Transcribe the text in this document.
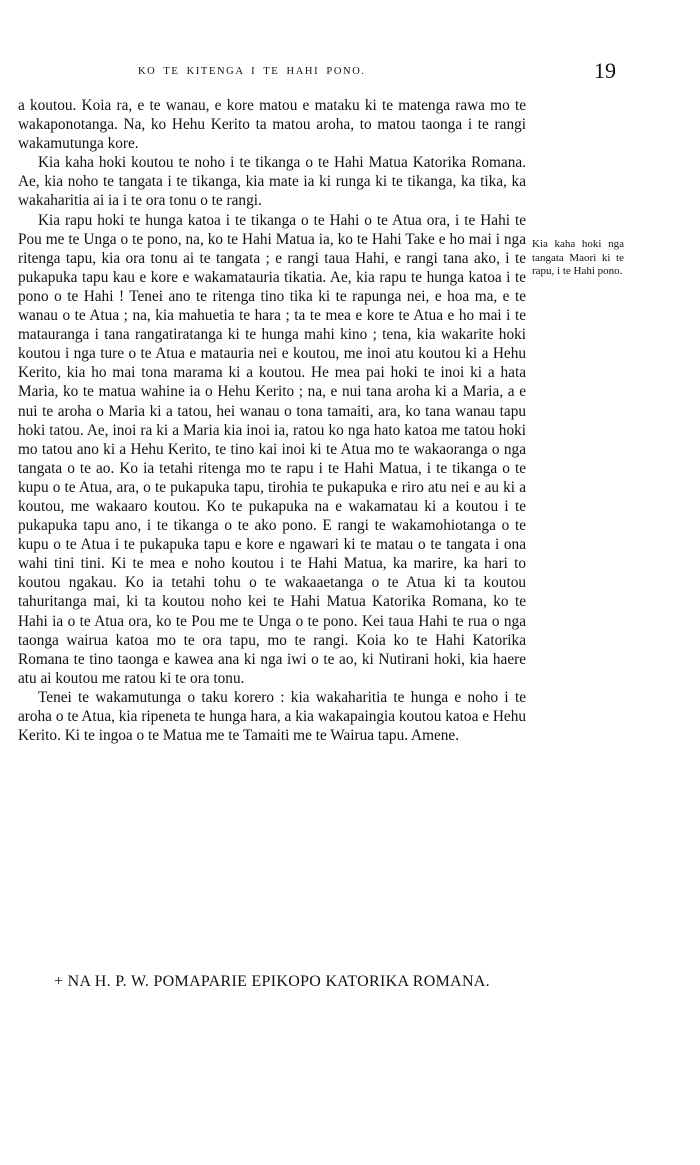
KO TE KITENGA I TE HAHI PONO.	19

a koutou. Koia ra, e te wanau, e kore matou e mataku ki te matenga rawa mo te wakaponotanga. Na, ko Hehu Kerito ta matou aroha, to matou taonga i te rangi wakamutunga kore.

Kia kaha hoki koutou te noho i te tikanga o te Hahi Matua Katorika Romana. Ae, kia noho te tangata i te tikanga, kia mate ia ki runga ki te tikanga, ka tika, ka wakaharitia ai ia i te ora tonu o te rangi.

Kia rapu hoki te hunga katoa i te tikanga o te Hahi o te Atua ora, i te Hahi te Pou me te Unga o te pono, na, ko te Hahi Matua ia, ko te Hahi Take e ho mai i nga ritenga tapu, kia ora tonu ai te tangata ; e rangi taua Hahi, e rangi tana ako, i te pukapuka tapu kau e kore e wakamatauria tikatia. Ae, kia rapu te hunga katoa i te pono o te Hahi ! Tenei ano te ritenga tino tika ki te rapunga nei, e hoa ma, e te wanau o te Atua ; na, kia mahuetia te hara ; ta te mea e kore te Atua e ho mai i te matauranga i tana rangatiratanga ki te hunga mahi kino ; tena, kia wakarite hoki koutou i nga ture o te Atua e matauria nei e koutou, me inoi atu koutou ki a Hehu Kerito, kia ho mai tona marama ki a koutou. He mea pai hoki te inoi ki a hata Maria, ko te matua wahine ia o Hehu Kerito ; na, e nui tana aroha ki a Maria, a e nui te aroha o Maria ki a tatou, hei wanau o tona tamaiti, ara, ko tana wanau tapu hoki tatou. Ae, inoi ra ki a Maria kia inoi ia, ratou ko nga hato katoa me tatou hoki mo tatou ano ki a Hehu Kerito, te tino kai inoi ki te Atua mo te wakaoranga o nga tangata o te ao. Ko ia tetahi ritenga mo te rapu i te Hahi Matua, i te tikanga o te kupu o te Atua, ara, o te pukapuka tapu, tirohia te pukapuka e riro atu nei e au ki a koutou, me wakaaro koutou. Ko te pukapuka na e wakamatau ki a koutou i te pukapuka tapu ano, i te tikanga o te ako pono. E rangi te wakamohiotanga o te kupu o te Atua i te pukapuka tapu e kore e ngawari ki te matau o te tangata i ona wahi tini tini. Ki te mea e noho koutou i te Hahi Matua, ka marire, ka hari to koutou ngakau. Ko ia tetahi tohu o te wakaaetanga o te Atua ki ta koutou tahuritanga mai, ki ta koutou noho kei te Hahi Matua Katorika Romana, ko te Hahi ia o te Atua ora, ko te Pou me te Unga o te pono. Kei taua Hahi te rua o nga taonga wairua katoa mo te ora tapu, mo te rangi. Koia ko te Hahi Katorika Romana te tino taonga e kawea ana ki nga iwi o te ao, ki Nutirani hoki, kia haere atu ai koutou me ratou ki te ora tonu.

Tenei te wakamutunga o taku korero : kia wakaharitia te hunga e noho i te aroha o te Atua, kia ripeneta te hunga hara, a kia wakapaingia koutou katoa e Hehu Kerito. Ki te ingoa o te Matua me te Tamaiti me te Wairua tapu. Amene.

Kia kaha hoki nga tangata Maori ki te rapu, i te Hahi pono.
+ NA H. P. W. POMAPARIE EPIKOPO KATORIKA ROMANA.
